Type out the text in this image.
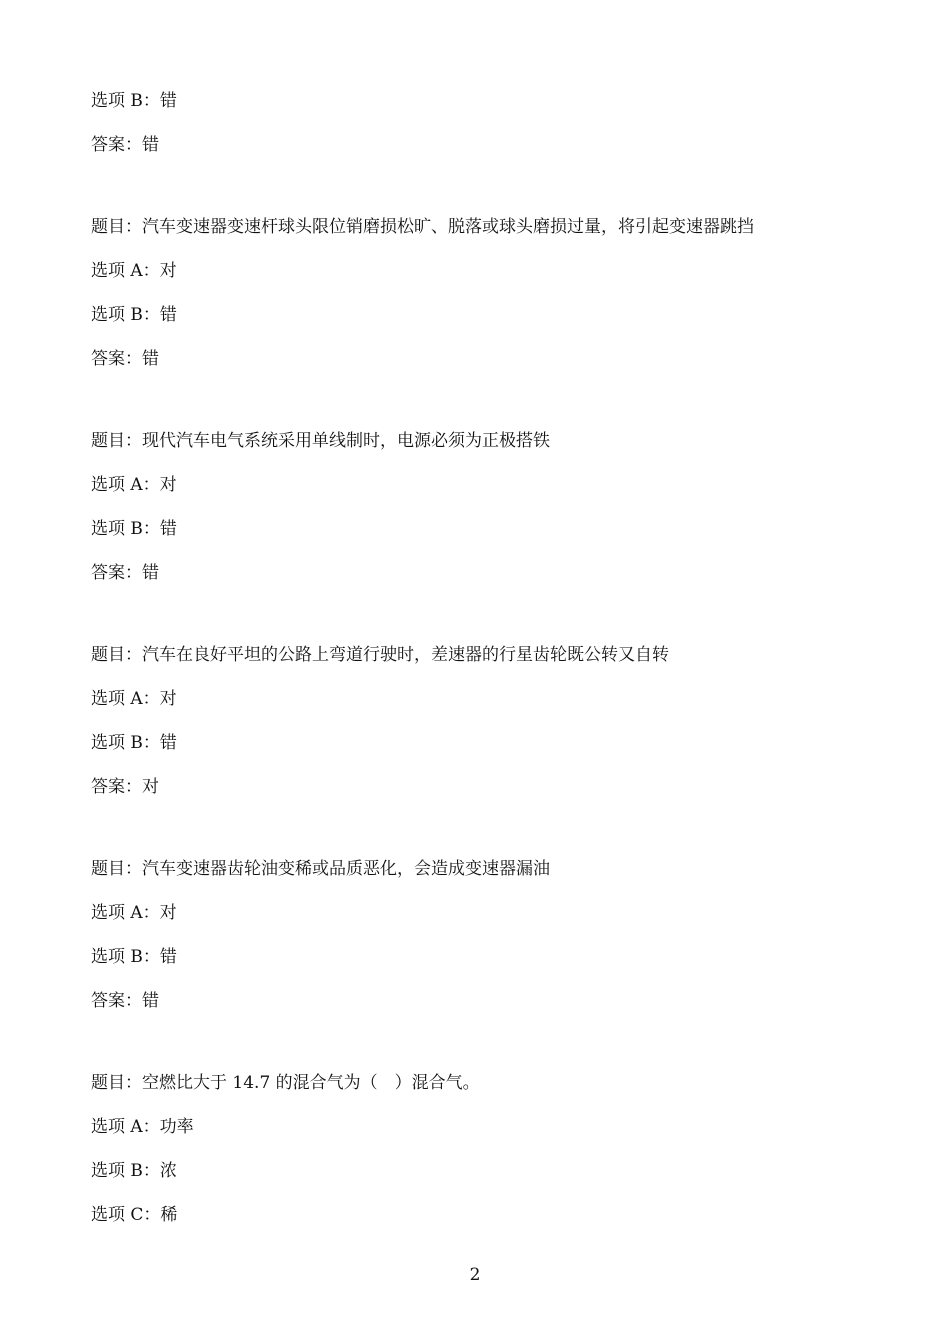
选项 B：错
答案：错
题目：汽车变速器变速杆球头限位销磨损松旷、脱落或球头磨损过量，将引起变速器跳挡
选项 A：对
选项 B：错
答案：错
题目：现代汽车电气系统采用单线制时，电源必须为正极搭铁
选项 A：对
选项 B：错
答案：错
题目：汽车在良好平坦的公路上弯道行驶时，差速器的行星齿轮既公转又自转
选项 A：对
选项 B：错
答案：对
题目：汽车变速器齿轮油变稀或品质恶化，会造成变速器漏油
选项 A：对
选项 B：错
答案：错
题目：空燃比大于 14.7 的混合气为（　）混合气。
选项 A：功率
选项 B：浓
选项 C：稀
2
